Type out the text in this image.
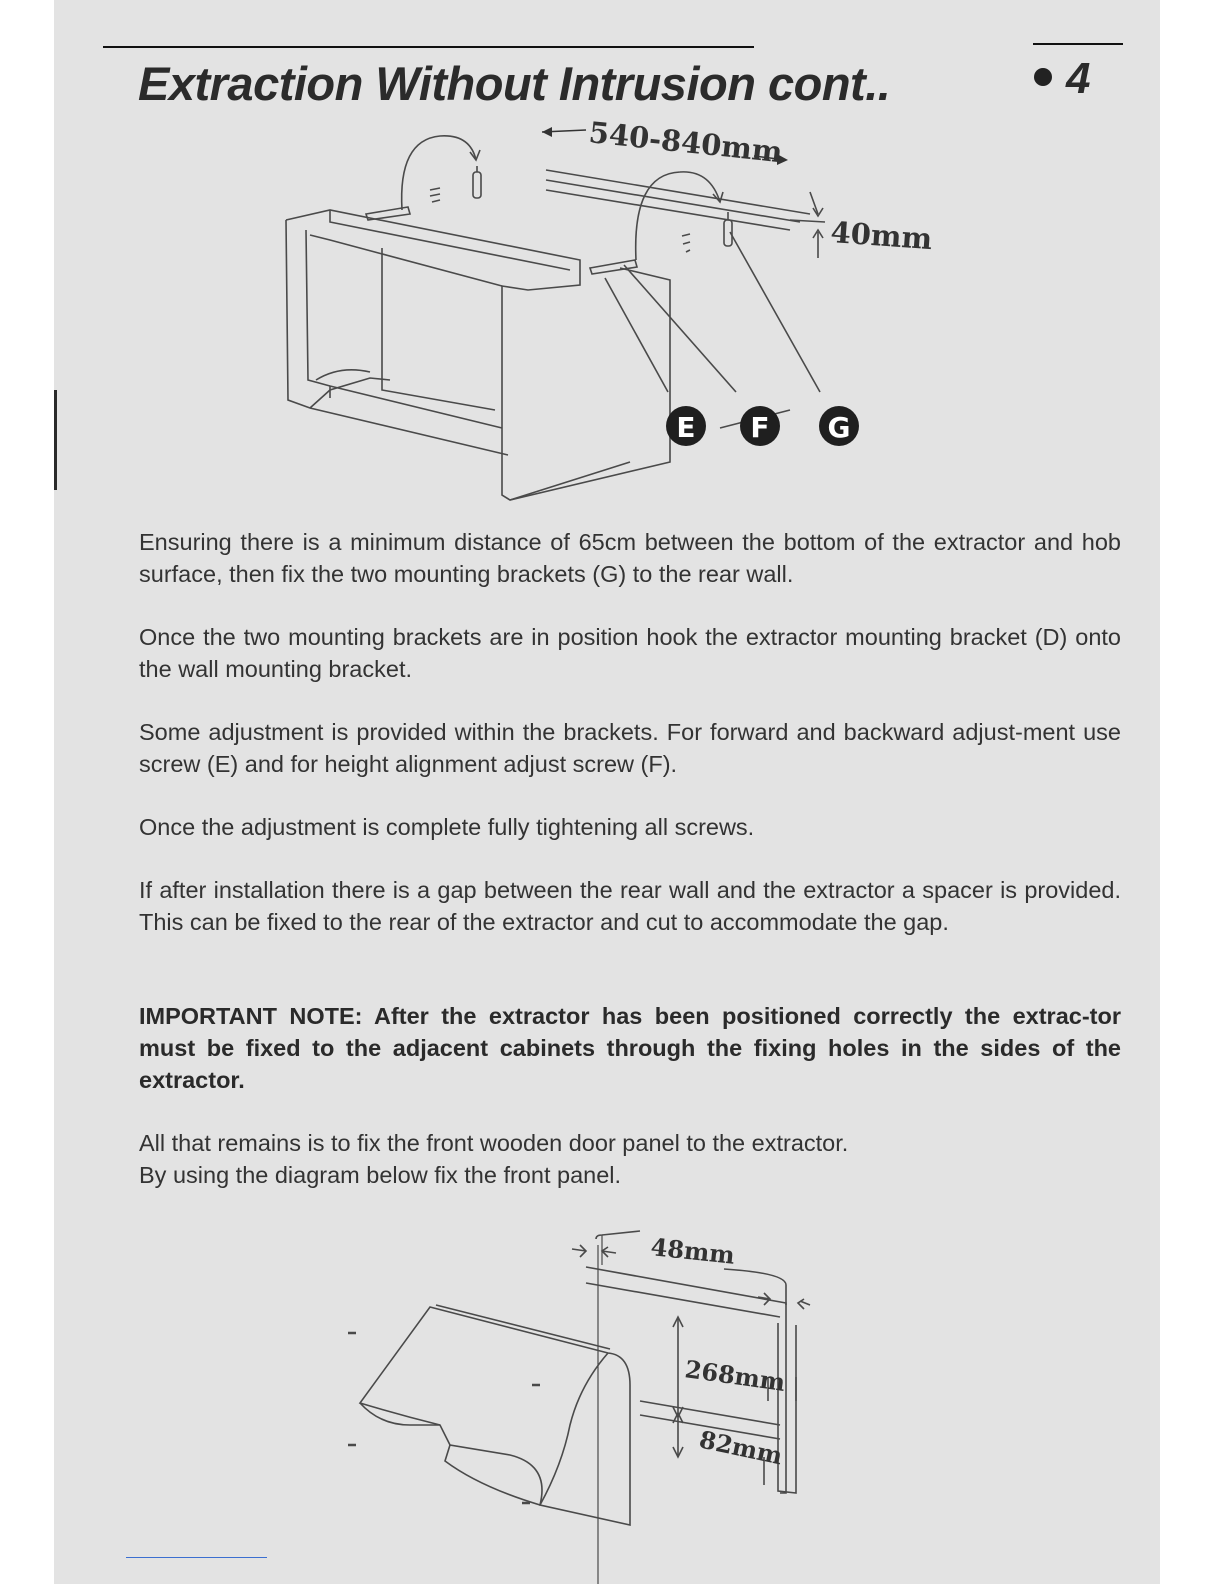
Extraction Without Intrusion cont..	4
540-840mm
40mm
E F G

Ensuring there is a minimum distance of 65cm between the bottom of the extractor and hob surface, then fix the two mounting brackets (G) to the rear wall.

Once the two mounting brackets are in position hook the extractor mounting bracket (D) onto the wall mounting bracket.

Some adjustment is provided within the brackets. For forward and backward adjust-ment use screw (E) and for height alignment adjust screw (F).

Once the adjustment is complete fully tightening all screws.

If after installation there is a gap between the rear wall and the extractor a spacer is provided. This can be fixed to the rear of the extractor and cut to accommodate the gap.

IMPORTANT NOTE: After the extractor has been positioned correctly the extrac-tor must be fixed to the adjacent cabinets through the fixing holes in the sides of the extractor.

All that remains is to fix the front wooden door panel to the extractor.

By using the diagram below fix the front panel.

48mm
268mm
82mm
